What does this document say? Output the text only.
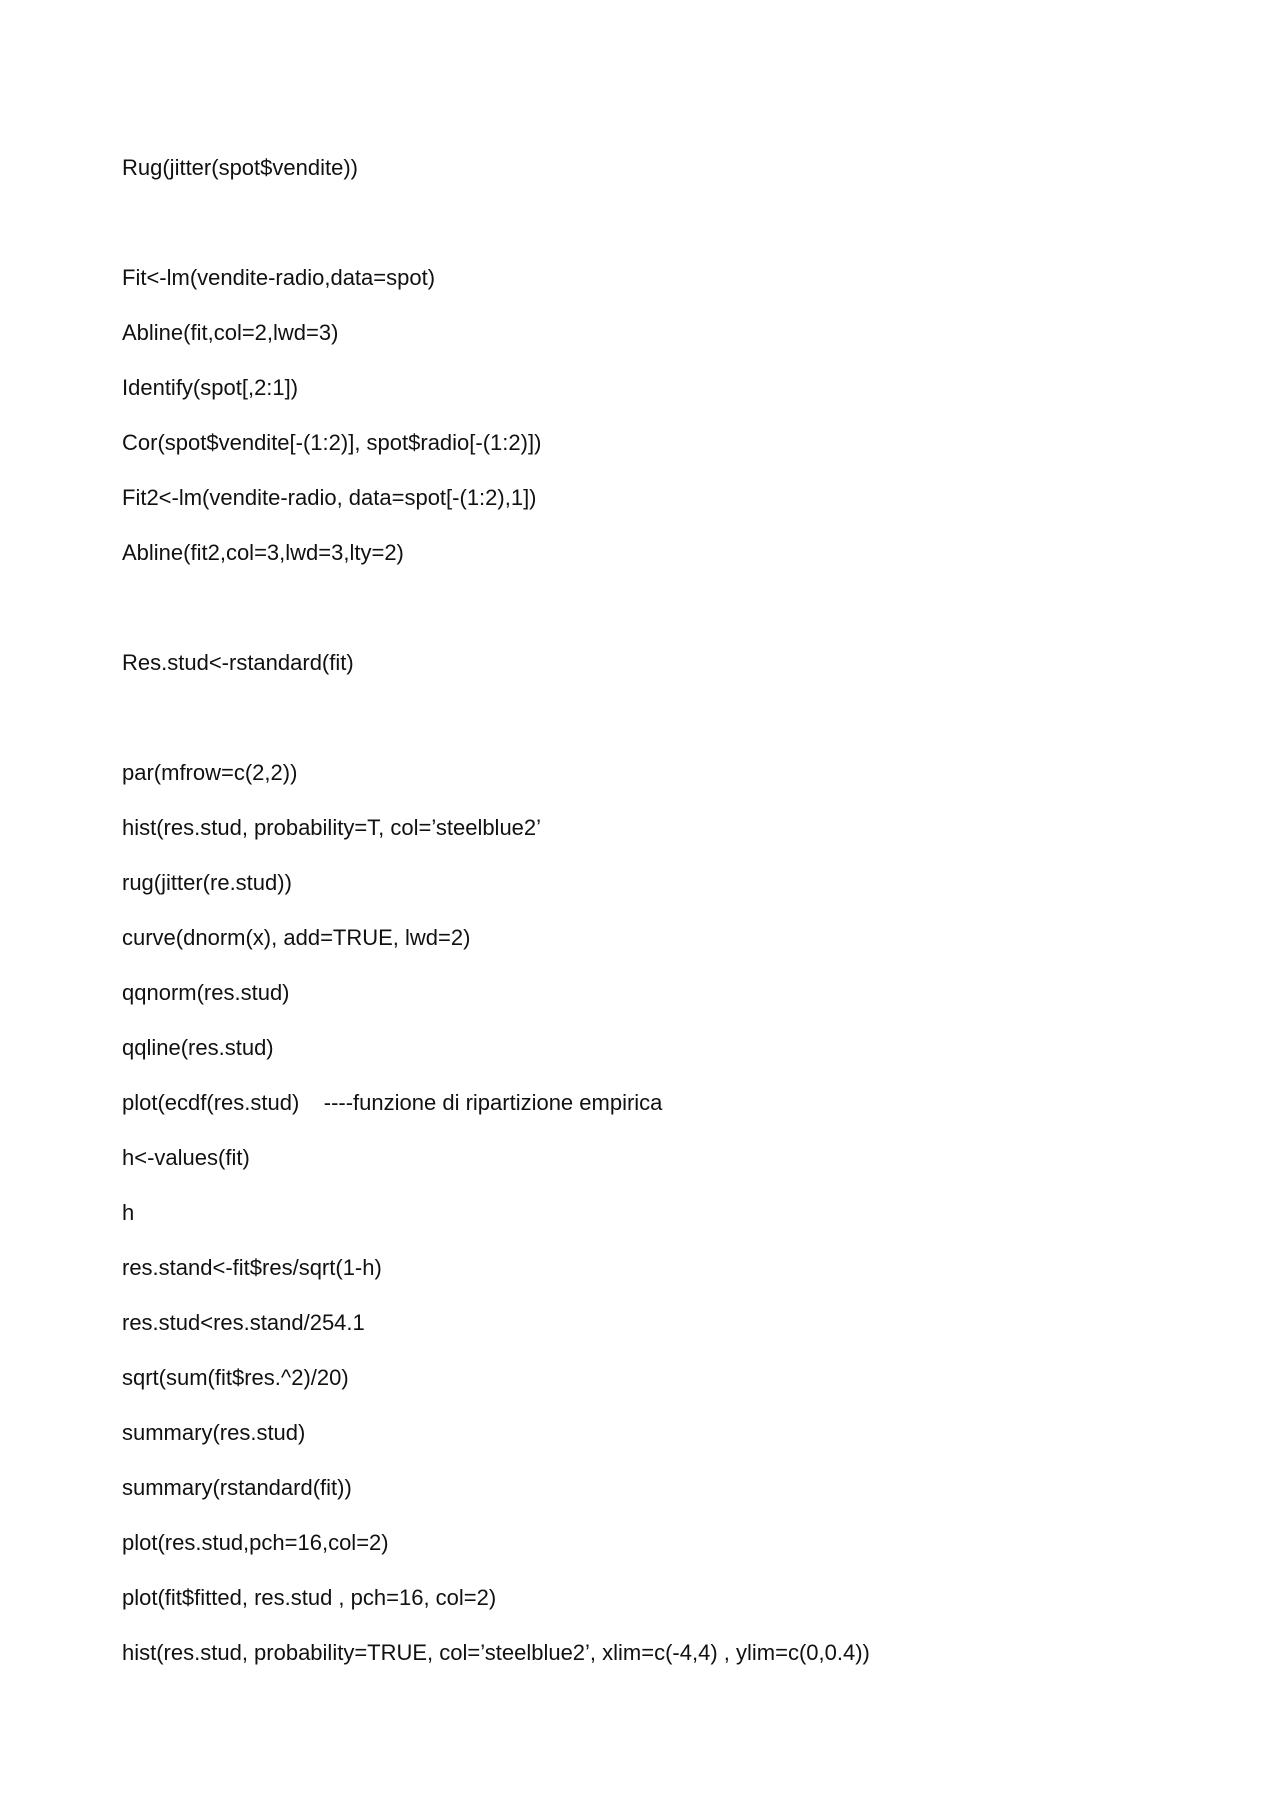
Rug(jitter(spot$vendite))
Fit<-lm(vendite-radio,data=spot)
Abline(fit,col=2,lwd=3)
Identify(spot[,2:1])
Cor(spot$vendite[-(1:2)], spot$radio[-(1:2)])
Fit2<-lm(vendite-radio, data=spot[-(1:2),1])
Abline(fit2,col=3,lwd=3,lty=2)
Res.stud<-rstandard(fit)
par(mfrow=c(2,2))
hist(res.stud, probability=T, col=’steelblue2’
rug(jitter(re.stud))
curve(dnorm(x), add=TRUE, lwd=2)
qqnorm(res.stud)
qqline(res.stud)
plot(ecdf(res.stud)    ----funzione di ripartizione empirica
h<-values(fit)
h
res.stand<-fit$res/sqrt(1-h)
res.stud<res.stand/254.1
sqrt(sum(fit$res.^2)/20)
summary(res.stud)
summary(rstandard(fit))
plot(res.stud,pch=16,col=2)
plot(fit$fitted, res.stud , pch=16, col=2)
hist(res.stud, probability=TRUE, col=’steelblue2’, xlim=c(-4,4) , ylim=c(0,0.4))
